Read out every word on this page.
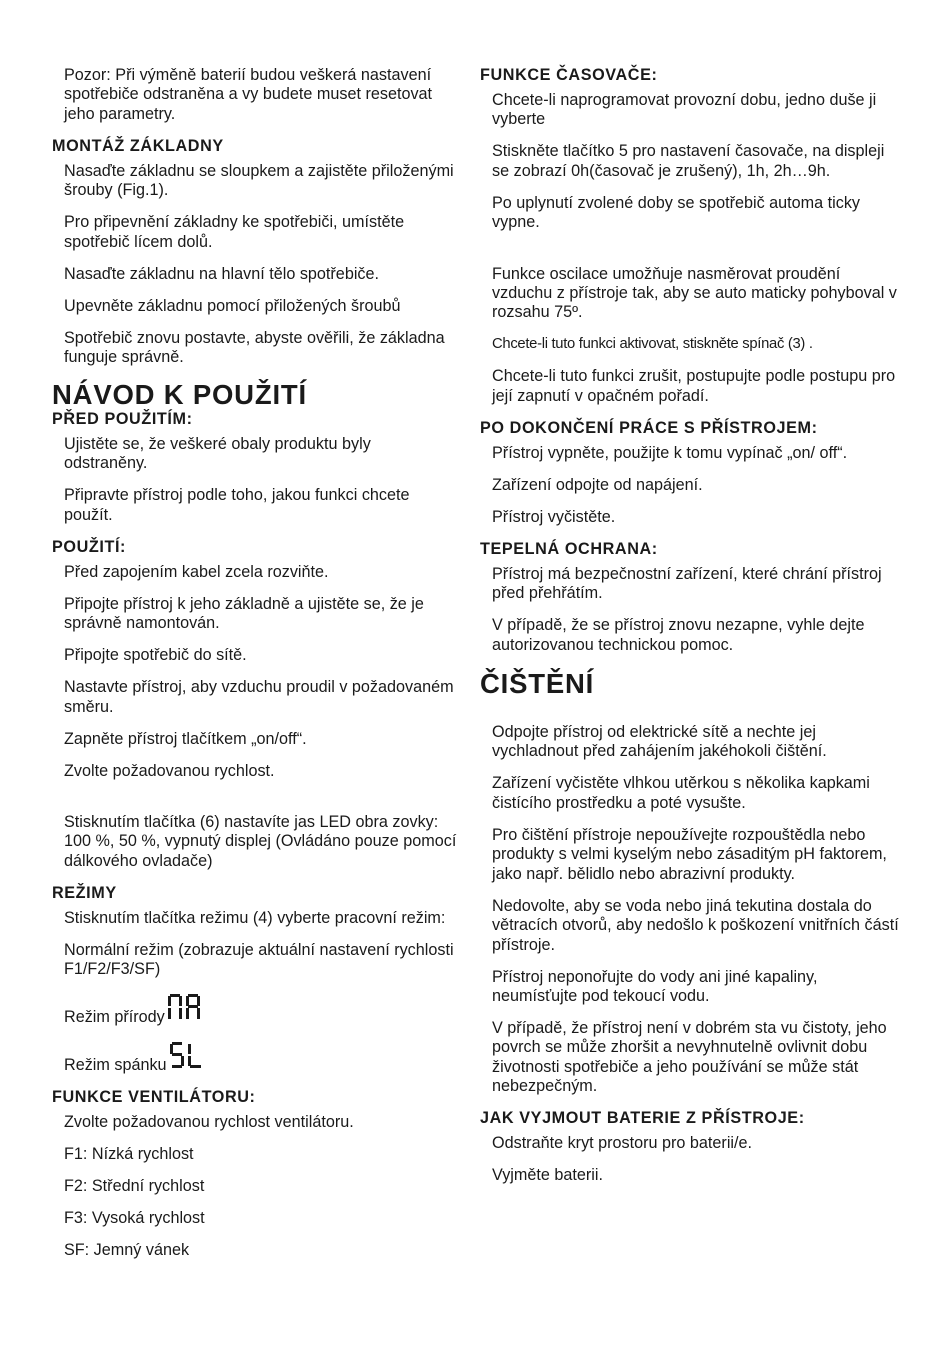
Pozor: Při výměně baterií budou veškerá nastavení spotřebiče odstraněna a vy budete muset resetovat jeho parametry.

MONTÁŽ ZÁKLADNY

Nasaďte základnu se sloupkem a zajistěte přiloženými šrouby (Fig.1).

Pro připevnění základny ke spotřebiči, umístěte spotřebič lícem dolů.

Nasaďte základnu na hlavní tělo spotřebiče.

Upevněte základnu pomocí přiložených šroubů

Spotřebič znovu postavte, abyste ověřili, že základna funguje správně.

NÁVOD K POUŽITÍ
PŘED POUŽITÍM:

Ujistěte se, že veškeré obaly produktu byly odstraněny.

Připravte přístroj podle toho, jakou funkci chcete použít.

POUŽITÍ:

Před zapojením kabel zcela rozviňte.

Připojte přístroj k jeho základně a ujistěte se, že je správně namontován.

Připojte spotřebič do sítě.

Nastavte přístroj, aby vzduchu proudil v požadovaném směru.

Zapněte přístroj tlačítkem „on/off“.

Zvolte požadovanou rychlost.

Stisknutím tlačítka (6) nastavíte jas LED obra zovky: 100 %, 50 %, vypnutý displej (Ovládáno pouze pomocí dálkového ovladače)

REŽIMY

Stisknutím tlačítka režimu (4) vyberte pracovní režim:

Normální režim (zobrazuje aktuální nastavení rychlosti F1/F2/F3/SF)

Režim přírody

Režim spánku

FUNKCE VENTILÁTORU:

Zvolte požadovanou rychlost ventilátoru.

F1: Nízká rychlost

F2: Střední rychlost

F3: Vysoká rychlost

SF: Jemný vánek

FUNKCE ČASOVAČE:

Chcete-li naprogramovat provozní dobu, jedno duše ji vyberte

Stiskněte tlačítko 5 pro nastavení časovače, na displeji se zobrazí 0h(časovač je zrušený), 1h, 2h…9h.

Po uplynutí zvolené doby se spotřebič automa ticky vypne.

Funkce oscilace umožňuje nasměrovat proudění vzduchu z přístroje tak, aby se auto maticky pohyboval v rozsahu 75º.

Chcete-li tuto funkci aktivovat, stiskněte spínač (3) .

Chcete-li tuto funkci zrušit, postupujte podle postupu pro její zapnutí v opačném pořadí.

PO DOKONČENÍ PRÁCE S PŘÍSTROJEM:

Přístroj vypněte, použijte k tomu vypínač „on/ off“.

Zařízení odpojte od napájení.

Přístroj vyčistěte.

TEPELNÁ OCHRANA:

Přístroj má bezpečnostní zařízení, které chrání přístroj před přehřátím.

V případě, že se přístroj znovu nezapne, vyhle dejte autorizovanou technickou pomoc.

ČIŠTĚNÍ

Odpojte přístroj od elektrické sítě a nechte jej vychladnout před zahájením jakéhokoli čištění.

Zařízení vyčistěte vlhkou utěrkou s několika kapkami čistícího prostředku a poté vysušte.

Pro čištění přístroje nepoužívejte rozpouštědla nebo produkty s velmi kyselým nebo zásaditým pH faktorem, jako např. bělidlo nebo abrazivní produkty.

Nedovolte, aby se voda nebo jiná tekutina dostala do větracích otvorů, aby nedošlo k poškození vnitřních částí přístroje.

Přístroj neponořujte do vody ani jiné kapaliny, neumísťujte pod tekoucí vodu.

V případě, že přístroj není v dobrém sta vu čistoty, jeho povrch se může zhoršit a nevyhnutelně ovlivnit dobu životnosti spotřebiče a jeho používání se může stát nebezpečným.

JAK VYJMOUT BATERIE Z PŘÍSTROJE:

Odstraňte kryt prostoru pro baterii/e.

Vyjměte baterii.
